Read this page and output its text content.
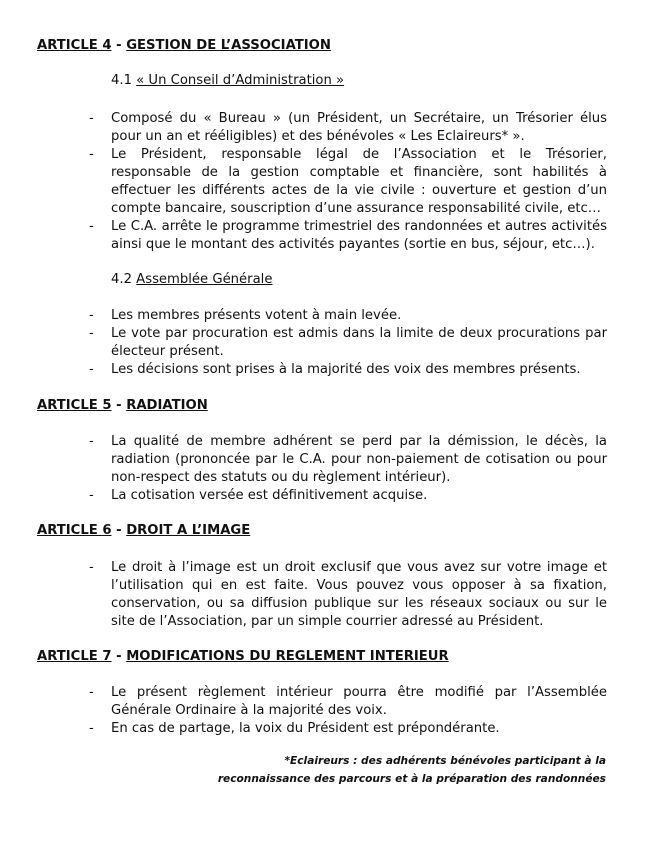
ARTICLE 4 - GESTION DE L’ASSOCIATION
4.1 « Un Conseil d’Administration »
- Composé du « Bureau » (un Président, un Secrétaire, un Trésorier élus pour un an et rééligibles) et des bénévoles « Les Eclaireurs* ».
- Le Président, responsable légal de l’Association et le Trésorier, responsable de la gestion comptable et financière, sont habilités à effectuer les différents actes de la vie civile : ouverture et gestion d’un compte bancaire, souscription d’une assurance responsabilité civile, etc…
- Le C.A. arrête le programme trimestriel des randonnées et autres activités ainsi que le montant des activités payantes (sortie en bus, séjour, etc…).
4.2 Assemblée Générale
- Les membres présents votent à main levée.
- Le vote par procuration est admis dans la limite de deux procurations par électeur présent.
- Les décisions sont prises à la majorité des voix des membres présents.
ARTICLE 5 - RADIATION
- La qualité de membre adhérent se perd par la démission, le décès, la radiation (prononcée par le C.A. pour non-paiement de cotisation ou pour non-respect des statuts ou du règlement intérieur).
- La cotisation versée est définitivement acquise.
ARTICLE 6 - DROIT A L’IMAGE
- Le droit à l’image est un droit exclusif que vous avez sur votre image et l’utilisation qui en est faite. Vous pouvez vous opposer à sa fixation, conservation, ou sa diffusion publique sur les réseaux sociaux ou sur le site de l’Association, par un simple courrier adressé au Président.
ARTICLE 7 - MODIFICATIONS DU REGLEMENT INTERIEUR
- Le présent règlement intérieur pourra être modifié par l’Assemblée Générale Ordinaire à la majorité des voix.
- En cas de partage, la voix du Président est prépondérante.
*Eclaireurs : des adhérents bénévoles participant à la
reconnaissance des parcours et à la préparation des randonnées
